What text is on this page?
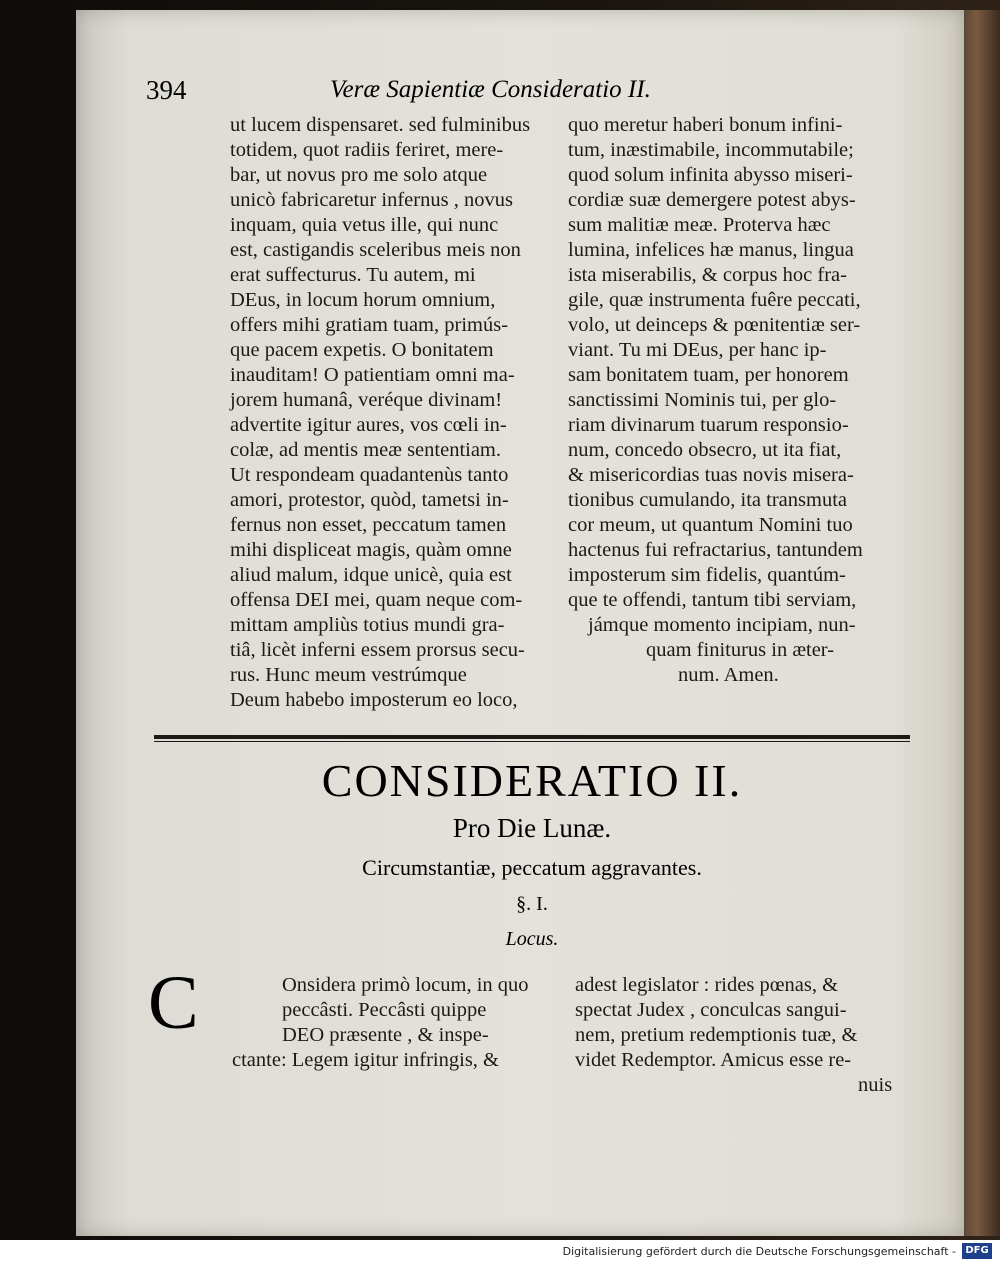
394	Veræ Sapientiæ Consideratio II.
ut lucem dispensaret. sed fulminibus
totidem, quot radiis feriret, mere-
bar, ut novus pro me solo atque
unicò fabricaretur infernus , novus
inquam, quia vetus ille, qui nunc
est, castigandis sceleribus meis non
erat suffecturus. Tu autem, mi
DEus, in locum horum omnium,
offers mihi gratiam tuam, primús-
que pacem expetis. O bonitatem
inauditam! O patientiam omni ma-
jorem humanâ, veréque divinam!
advertite igitur aures, vos cœli in-
colæ, ad mentis meæ sententiam.
Ut respondeam quadantenùs tanto
amori, protestor, quòd, tametsi in-
fernus non esset, peccatum tamen
mihi displiceat magis, quàm omne
aliud malum, idque unicè, quia est
offensa DEI mei, quam neque com-
mittam ampliùs totius mundi gra-
tiâ, licèt inferni essem prorsus secu-
rus. Hunc meum vestrúmque
Deum habebo imposterum eo loco,
quo meretur haberi bonum infini-
tum, inæstimabile, incommutabile;
quod solum infinita abysso miseri-
cordiæ suæ demergere potest abys-
sum malitiæ meæ. Proterva hæc
lumina, infelices hæ manus, lingua
ista miserabilis, & corpus hoc fra-
gile, quæ instrumenta fuêre peccati,
volo, ut deinceps & pœnitentiæ ser-
viant. Tu mi DEus, per hanc ip-
sam bonitatem tuam, per honorem
sanctissimi Nominis tui, per glo-
riam divinarum tuarum responsio-
num, concedo obsecro, ut ita fiat,
& misericordias tuas novis misera-
tionibus cumulando, ita transmuta
cor meum, ut quantum Nomini tuo
hactenus fui refractarius, tantundem
imposterum sim fidelis, quantúm-
que te offendi, tantum tibi serviam,
jámque momento incipiam, nun-
quam finiturus in æter-
num. Amen.
CONSIDERATIO II.
Pro Die Lunæ.
Circumstantiæ, peccatum aggravantes.
§. I.
Locus.
C	Onsidera primò locum, in quo
peccâsti. Peccâsti quippe
DEO præsente , & inspe-
ctante: Legem igitur infringis, &
adest legislator : rides pœnas, &
spectat Judex , conculcas sangui-
nem, pretium redemptionis tuæ, &
videt Redemptor. Amicus esse re-
nuis
Digitalisierung gefördert durch die Deutsche Forschungsgemeinschaft - DFG
